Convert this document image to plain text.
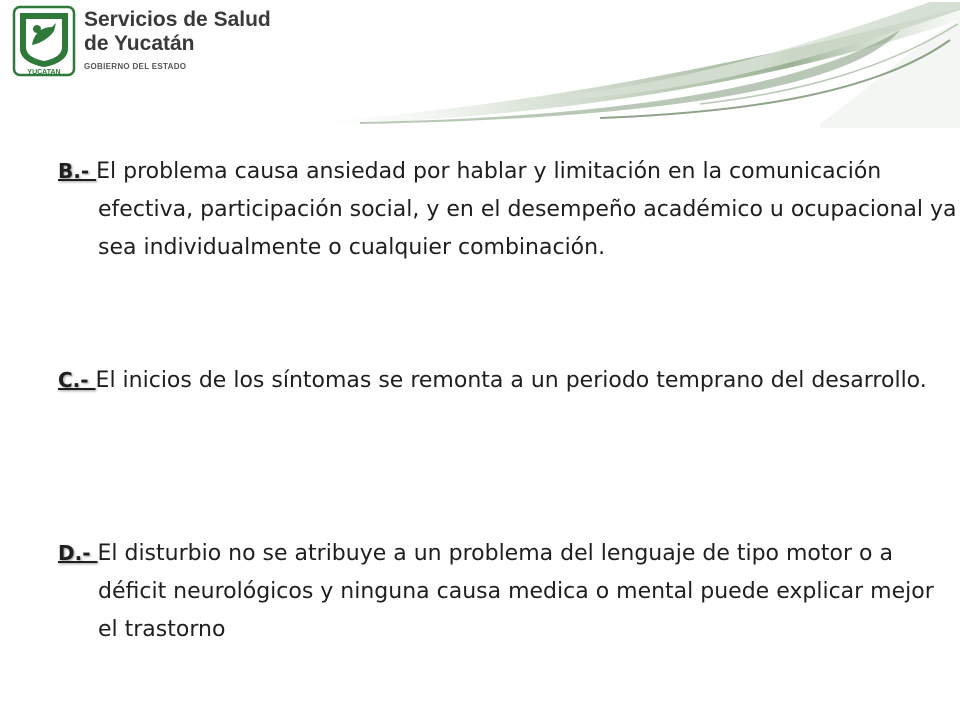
YUCATAN
Servicios de Salud
de Yucatán
GOBIERNO DEL ESTADO
B.- El problema causa ansiedad por hablar y limitación en la comunicación efectiva, participación social, y en el desempeño académico u ocupacional ya sea individualmente o cualquier combinación.
C.- El inicios de los síntomas se remonta a un periodo temprano del desarrollo.
D.- El disturbio no se atribuye a un problema del lenguaje de tipo motor o a déficit neurológicos y ninguna causa medica o mental puede explicar mejor el trastorno
